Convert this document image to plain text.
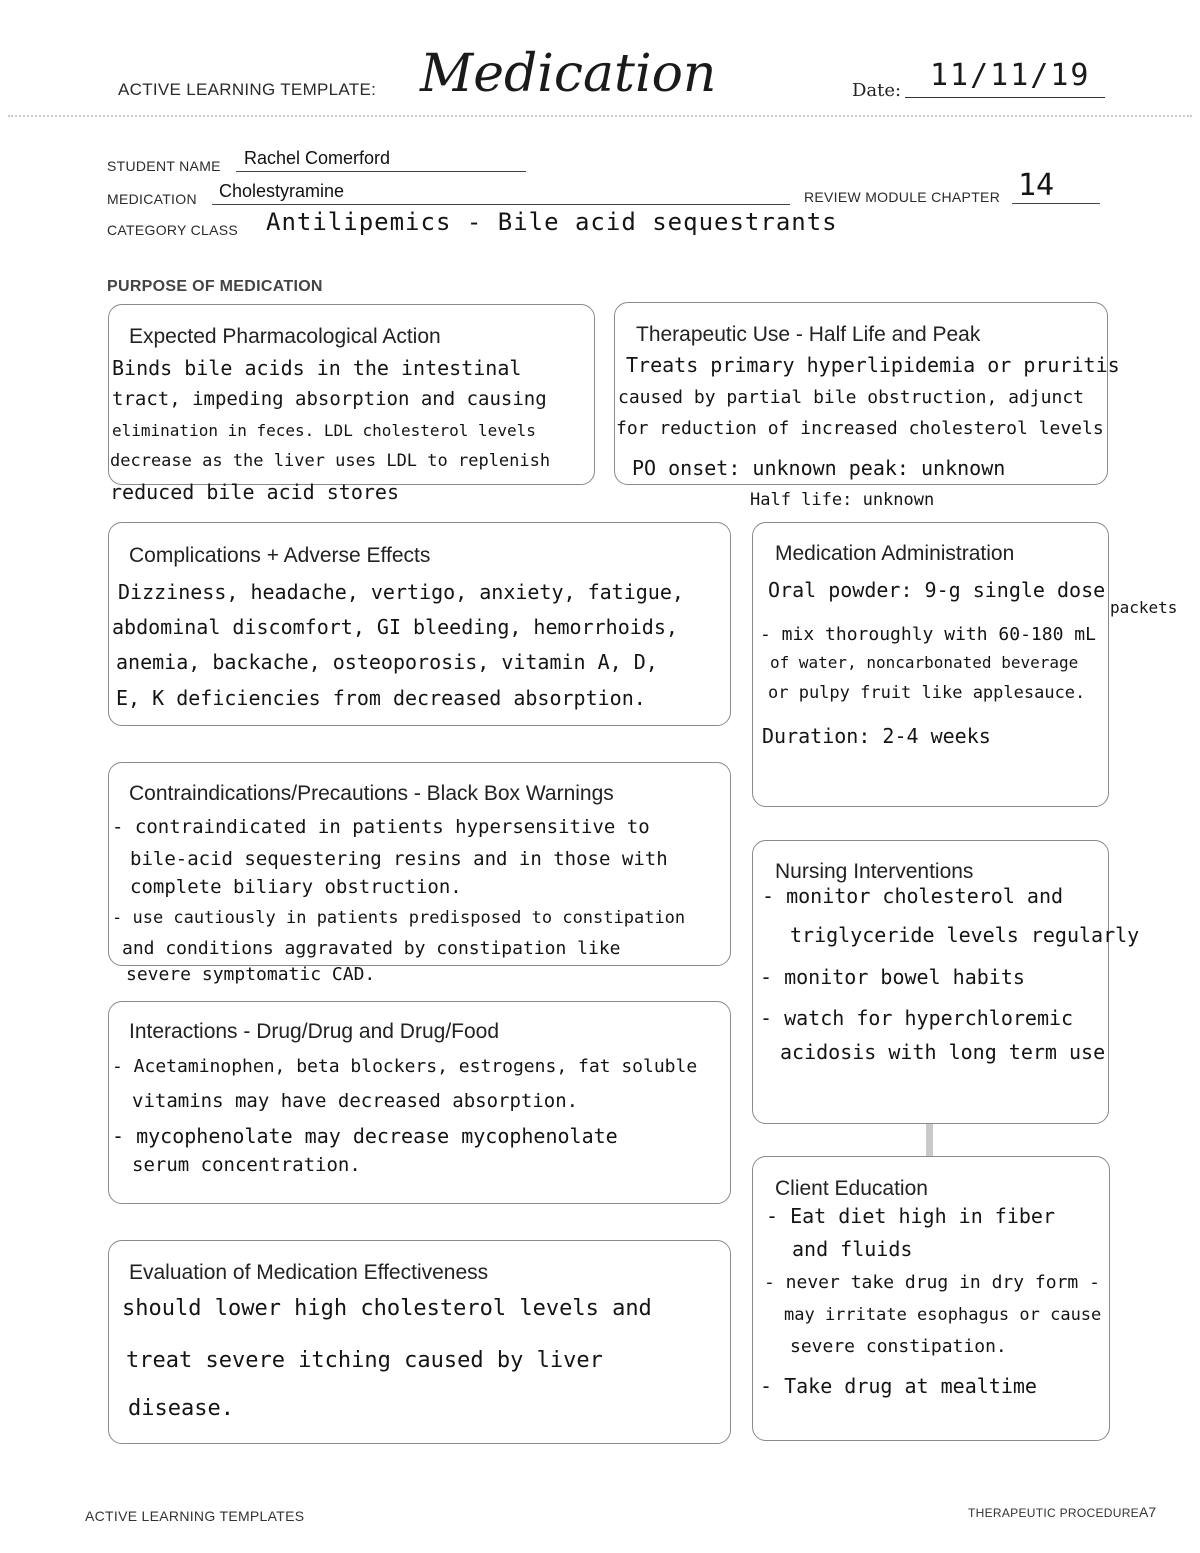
ACTIVE LEARNING TEMPLATE: Medication	Date: 11/11/19
STUDENT NAME Rachel Comerford
MEDICATION Cholestyramine	REVIEW MODULE CHAPTER 14
CATEGORY CLASS Antilipemics - Bile acid sequestrants
PURPOSE OF MEDICATION
Expected Pharmacological Action
Binds bile acids in the intestinal
tract, impeding absorption and causing
elimination in feces. LDL cholesterol levels
decrease as the liver uses LDL to replenish
reduced bile acid stores
Therapeutic Use - Half Life and Peak
Treats primary hyperlipidemia or pruritis
caused by partial bile obstruction, adjunct
for reduction of increased cholesterol levels
PO onset: unknown peak: unknown
Half life: unknown
Complications + Adverse Effects
Dizziness, headache, vertigo, anxiety, fatigue,
abdominal discomfort, GI bleeding, hemorrhoids,
anemia, backache, osteoporosis, vitamin A, D,
E, K deficiencies from decreased absorption.
Medication Administration
Oral powder: 9-g single dose
packets
- mix thoroughly with 60-180 mL
of water, noncarbonated beverage
or pulpy fruit like applesauce.
Duration: 2-4 weeks
Contraindications/Precautions - Black Box Warnings
- contraindicated in patients hypersensitive to
bile-acid sequestering resins and in those with
complete biliary obstruction.
- use cautiously in patients predisposed to constipation
and conditions aggravated by constipation like
severe symptomatic CAD.
Nursing Interventions
- monitor cholesterol and
triglyceride levels regularly
- monitor bowel habits
- watch for hyperchloremic
acidosis with long term use
Interactions - Drug/Drug and Drug/Food
- Acetaminophen, beta blockers, estrogens, fat soluble
vitamins may have decreased absorption.
- mycophenolate may decrease mycophenolate
serum concentration.
Client Education
- Eat diet high in fiber
and fluids
- never take drug in dry form -
may irritate esophagus or cause
severe constipation.
- Take drug at mealtime
Evaluation of Medication Effectiveness
should lower high cholesterol levels and
treat severe itching caused by liver
disease.
ACTIVE LEARNING TEMPLATES	THERAPEUTIC PROCEDURE A7
